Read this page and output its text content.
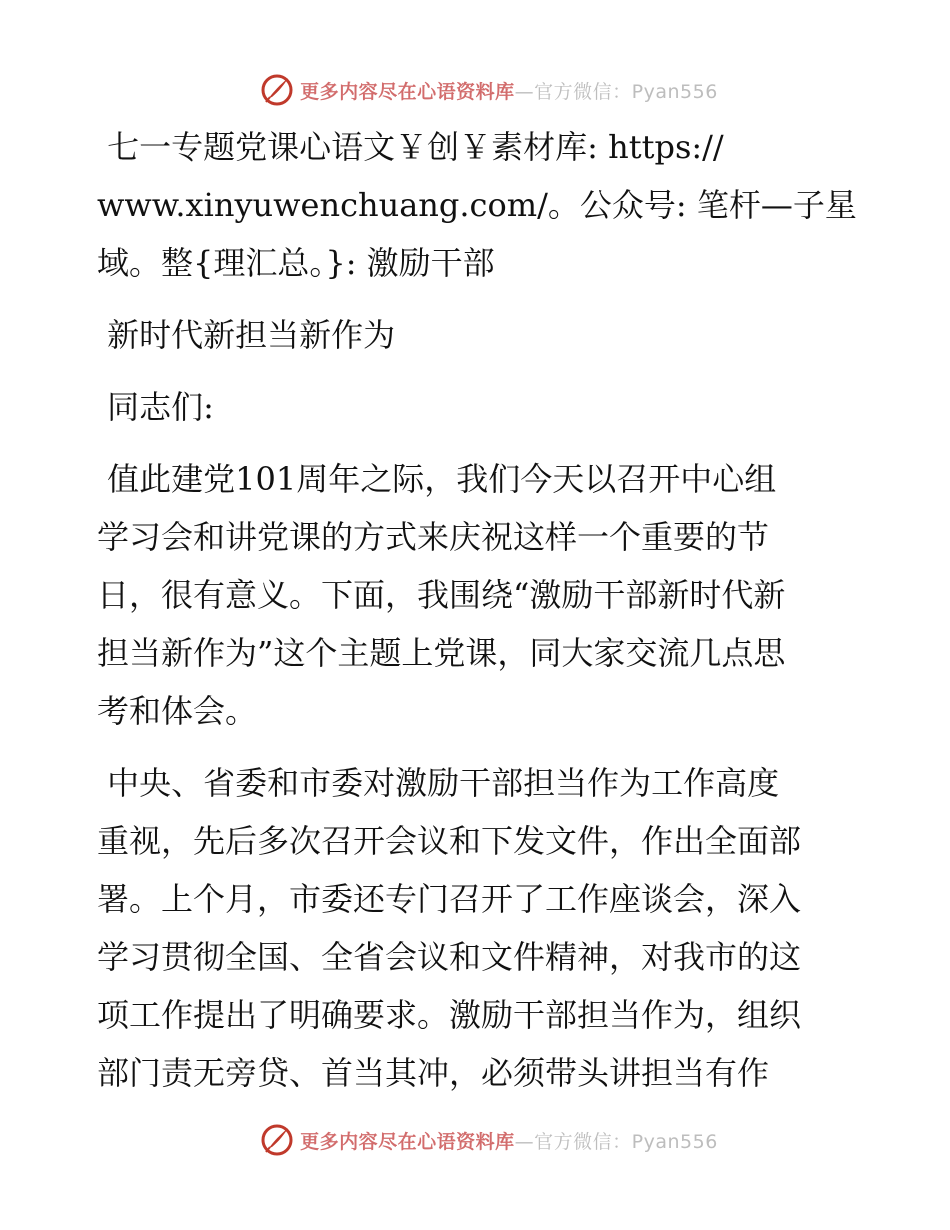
更多内容尽在心语资料库—官方微信：Pyan556

七一专题党课心语文￥创￥素材库: https://

www.xinyuwenchuang.com/。公众号: 笔杆—子星

域。整{理汇总。}: 激励干部

新时代新担当新作为

同志们:

值此建党101周年之际，我们今天以召开中心组

学习会和讲党课的方式来庆祝这样一个重要的节

日，很有意义。下面，我围绕“激励干部新时代新

担当新作为”这个主题上党课，同大家交流几点思

考和体会。

中央、省委和市委对激励干部担当作为工作高度

重视，先后多次召开会议和下发文件，作出全面部

署。上个月，市委还专门召开了工作座谈会，深入

学习贯彻全国、全省会议和文件精神，对我市的这

项工作提出了明确要求。激励干部担当作为，组织

部门责无旁贷、首当其冲，必须带头讲担当有作

更多内容尽在心语资料库—官方微信：Pyan556
